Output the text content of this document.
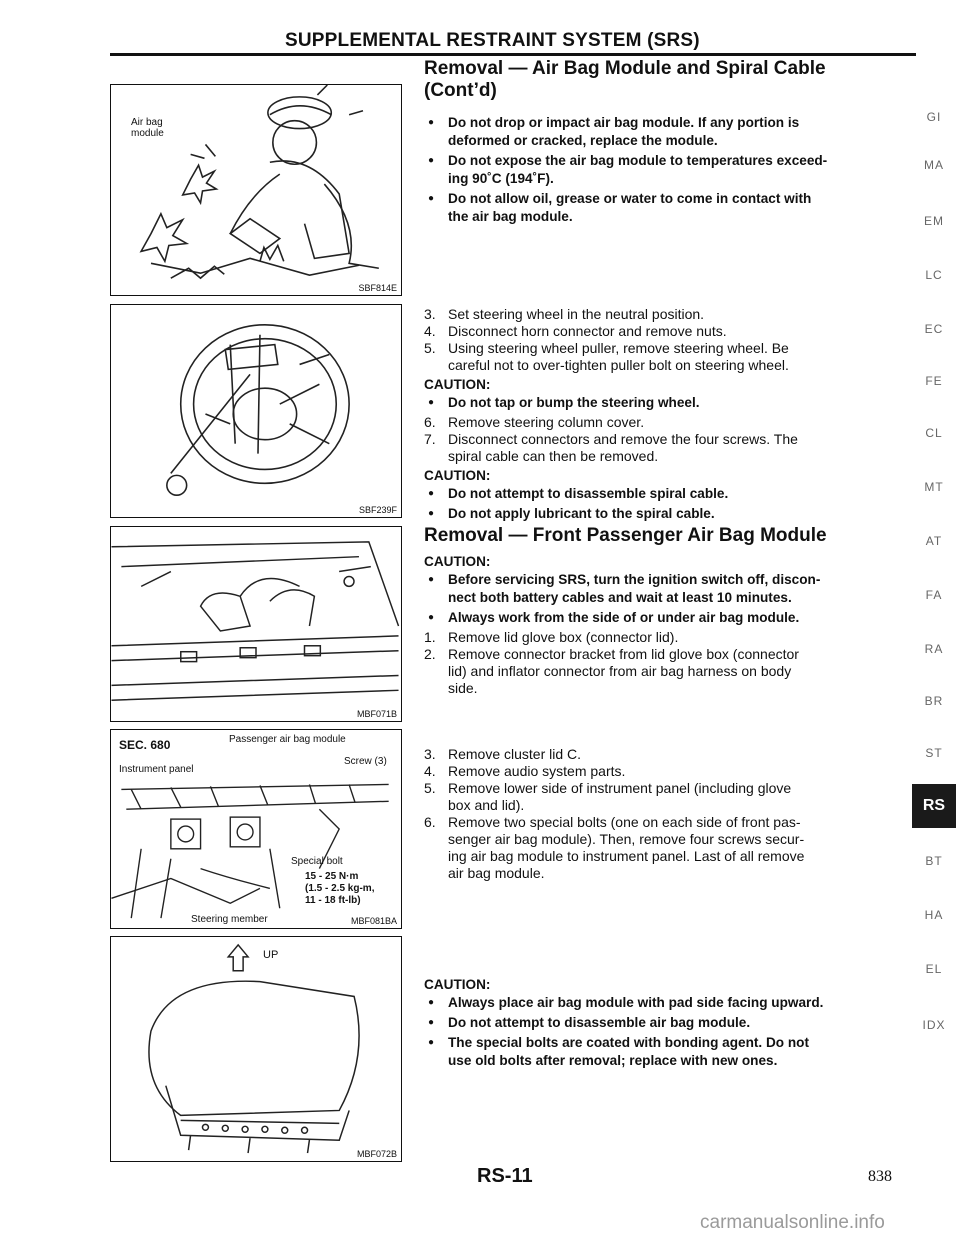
SUPPLEMENTAL RESTRAINT SYSTEM (SRS)
Air bag
module
SBF814E
SBF239F
MBF071B
SEC. 680	Passenger air bag module
Screw (3)
Instrument panel
Special bolt
15 - 25 N·m
(1.5 - 2.5 kg-m,
11 - 18 ft-lb)
Steering member	MBF081BA
UP
MBF072B
Removal — Air Bag Module and Spiral Cable
(Cont’d)
● Do not drop or impact air bag module. If any portion is
deformed or cracked, replace the module.
● Do not expose the air bag module to temperatures exceed-
ing 90˚C (194˚F).
● Do not allow oil, grease or water to come in contact with
the air bag module.
3. Set steering wheel in the neutral position.
4. Disconnect horn connector and remove nuts.
5. Using steering wheel puller, remove steering wheel. Be
careful not to over-tighten puller bolt on steering wheel.
CAUTION:
● Do not tap or bump the steering wheel.
6. Remove steering column cover.
7. Disconnect connectors and remove the four screws. The
spiral cable can then be removed.
CAUTION:
● Do not attempt to disassemble spiral cable.
● Do not apply lubricant to the spiral cable.
Removal — Front Passenger Air Bag Module
CAUTION:
● Before servicing SRS, turn the ignition switch off, discon-
nect both battery cables and wait at least 10 minutes.
● Always work from the side of or under air bag module.
1. Remove lid glove box (connector lid).
2. Remove connector bracket from lid glove box (connector
lid) and inflator connector from air bag harness on body
side.
3. Remove cluster lid C.
4. Remove audio system parts.
5. Remove lower side of instrument panel (including glove
box and lid).
6. Remove two special bolts (one on each side of front pas-
senger air bag module). Then, remove four screws secur-
ing air bag module to instrument panel. Last of all remove
air bag module.
CAUTION:
● Always place air bag module with pad side facing upward.
● Do not attempt to disassemble air bag module.
● The special bolts are coated with bonding agent. Do not
use old bolts after removal; replace with new ones.
GI
MA
EM
LC
EC
FE
CL
MT
AT
FA
RA
BR
ST
RS
BT
HA
EL
IDX
RS-11	838
carmanualsonline.info
